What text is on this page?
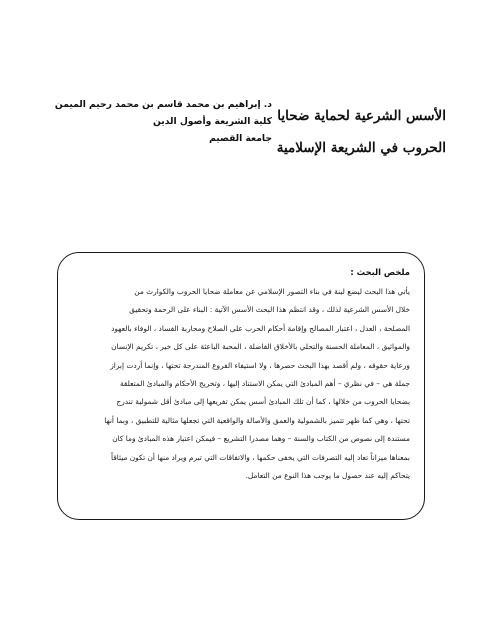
الأسس الشرعية لحماية ضحايا
الحروب في الشريعة الإسلامية
د. إبراهيم بن محمد قاسم بن محمد رحيم الميمن
كلية الشريعة وأصول الدين
جامعة القصيم
ملخص البحث :
يأتي هذا البحث ليضع لبنة في بناء التصور الإسلامي عن معاملة ضحايا الحروب والكوارث من
خلال الأسس الشرعية لذلك ، وقد انتظم هذا البحث الأسس الآتية : البناء على الرحمة وتحقيق
المصلحة ، العدل ، اعتبار المصالح وإقامة أحكام الحرب على الصلاح ومحاربة الفساد ، الوفاء بالعهود
والمواثيق ، المعاملة الحسنة والتحلي بالأخلاق الفاضلة ، المحبة الباعثة على كل خير ، تكريم الإنسان
ورعاية حقوقه ، ولم أقصد بهذا البحث حصرها ، ولا استيفاء الفروع المندرجة تحتها ، وإنما أردت إبراز
جملة هي – في نظري – أهم المبادئ التي يمكن الاستناد إليها ، وتخريج الأحكام والمبادئ المتعلقة
بضحايا الحروب من خلالها ، كما أن تلك المبادئ أسس يمكن تفريعها إلى مبادئ أقل شمولية تندرج
تحتها ، وهي كما ظهر تتميز بالشمولية والعمق والأصالة والواقعية التي تجعلها مثالية للتطبيق ، وبما أنها
مستندة إلى نصوص من الكتاب والسنة – وهما مصدرا التشريع – فيمكن اعتبار هذه المبادئ وما كان
بمعناها ميزاناً تعاد إليه التصرفات التي يخفى حكمها ، والاتفاقات التي تبرم ويراد منها أن تكون ميثاقاً
يتحاكم إليه عند حصول ما يوجب هذا النوع من التعامل.
